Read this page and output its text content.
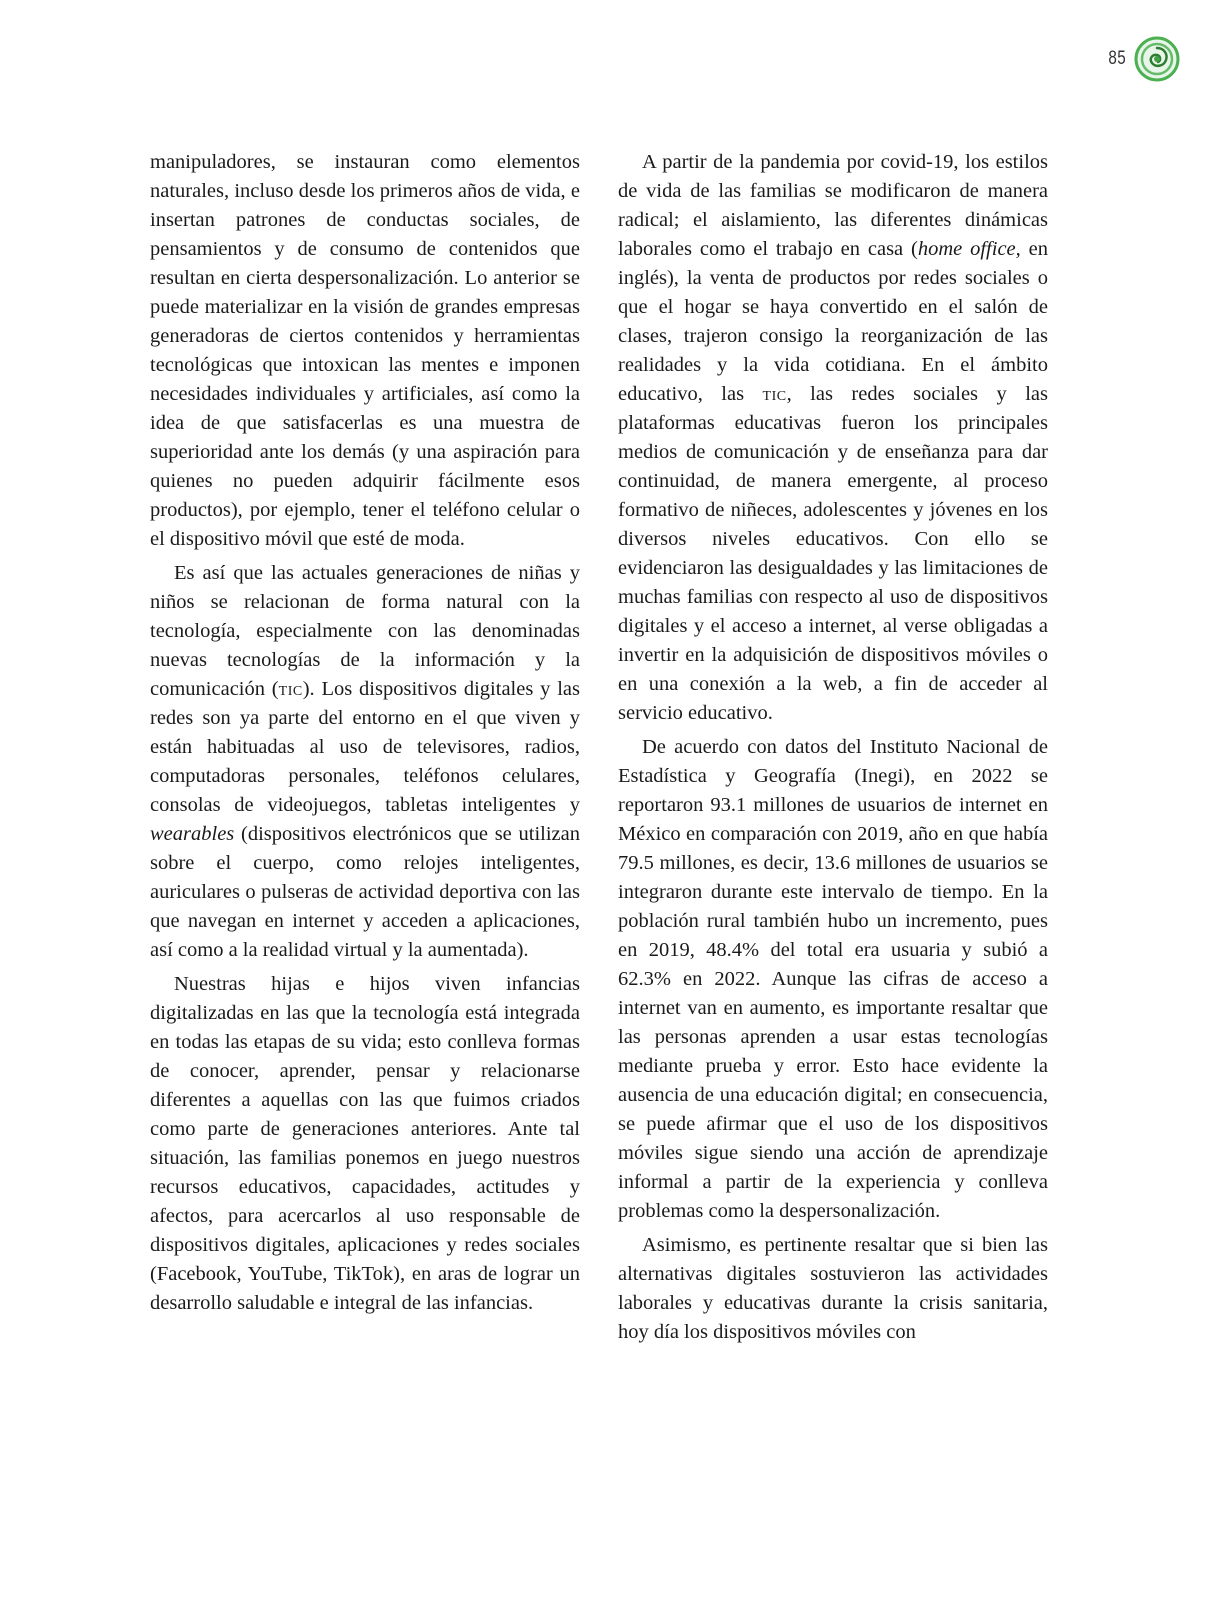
85

manipuladores, se instauran como elementos naturales, incluso desde los primeros años de vida, e insertan patrones de conductas sociales, de pensamientos y de consumo de contenidos que resultan en cierta despersonalización. Lo anterior se puede materializar en la visión de grandes empresas generadoras de ciertos contenidos y herramientas tecnológicas que intoxican las mentes e imponen necesidades individuales y artificiales, así como la idea de que satisfacerlas es una muestra de superioridad ante los demás (y una aspiración para quienes no pueden adquirir fácilmente esos productos), por ejemplo, tener el teléfono celular o el dispositivo móvil que esté de moda.

Es así que las actuales generaciones de niñas y niños se relacionan de forma natural con la tecnología, especialmente con las denominadas nuevas tecnologías de la información y la comunicación (tic). Los dispositivos digitales y las redes son ya parte del entorno en el que viven y están habituadas al uso de televisores, radios, computadoras personales, teléfonos celulares, consolas de videojuegos, tabletas inteligentes y wearables (dispositivos electrónicos que se utilizan sobre el cuerpo, como relojes inteligentes, auriculares o pulseras de actividad deportiva con las que navegan en internet y acceden a aplicaciones, así como a la realidad virtual y la aumentada).

Nuestras hijas e hijos viven infancias digitalizadas en las que la tecnología está integrada en todas las etapas de su vida; esto conlleva formas de conocer, aprender, pensar y relacionarse diferentes a aquellas con las que fuimos criados como parte de generaciones anteriores. Ante tal situación, las familias ponemos en juego nuestros recursos educativos, capacidades, actitudes y afectos, para acercarlos al uso responsable de dispositivos digitales, aplicaciones y redes sociales (Facebook, YouTube, TikTok), en aras de lograr un desarrollo saludable e integral de las infancias.

A partir de la pandemia por covid-19, los estilos de vida de las familias se modificaron de manera radical; el aislamiento, las diferentes dinámicas laborales como el trabajo en casa (home office, en inglés), la venta de productos por redes sociales o que el hogar se haya convertido en el salón de clases, trajeron consigo la reorganización de las realidades y la vida cotidiana. En el ámbito educativo, las tic, las redes sociales y las plataformas educativas fueron los principales medios de comunicación y de enseñanza para dar continuidad, de manera emergente, al proceso formativo de niñeces, adolescentes y jóvenes en los diversos niveles educativos. Con ello se evidenciaron las desigualdades y las limitaciones de muchas familias con respecto al uso de dispositivos digitales y el acceso a internet, al verse obligadas a invertir en la adquisición de dispositivos móviles o en una conexión a la web, a fin de acceder al servicio educativo.

De acuerdo con datos del Instituto Nacional de Estadística y Geografía (Inegi), en 2022 se reportaron 93.1 millones de usuarios de internet en México en comparación con 2019, año en que había 79.5 millones, es decir, 13.6 millones de usuarios se integraron durante este intervalo de tiempo. En la población rural también hubo un incremento, pues en 2019, 48.4% del total era usuaria y subió a 62.3% en 2022. Aunque las cifras de acceso a internet van en aumento, es importante resaltar que las personas aprenden a usar estas tecnologías mediante prueba y error. Esto hace evidente la ausencia de una educación digital; en consecuencia, se puede afirmar que el uso de los dispositivos móviles sigue siendo una acción de aprendizaje informal a partir de la experiencia y conlleva problemas como la despersonalización.

Asimismo, es pertinente resaltar que si bien las alternativas digitales sostuvieron las actividades laborales y educativas durante la crisis sanitaria, hoy día los dispositivos móviles con
